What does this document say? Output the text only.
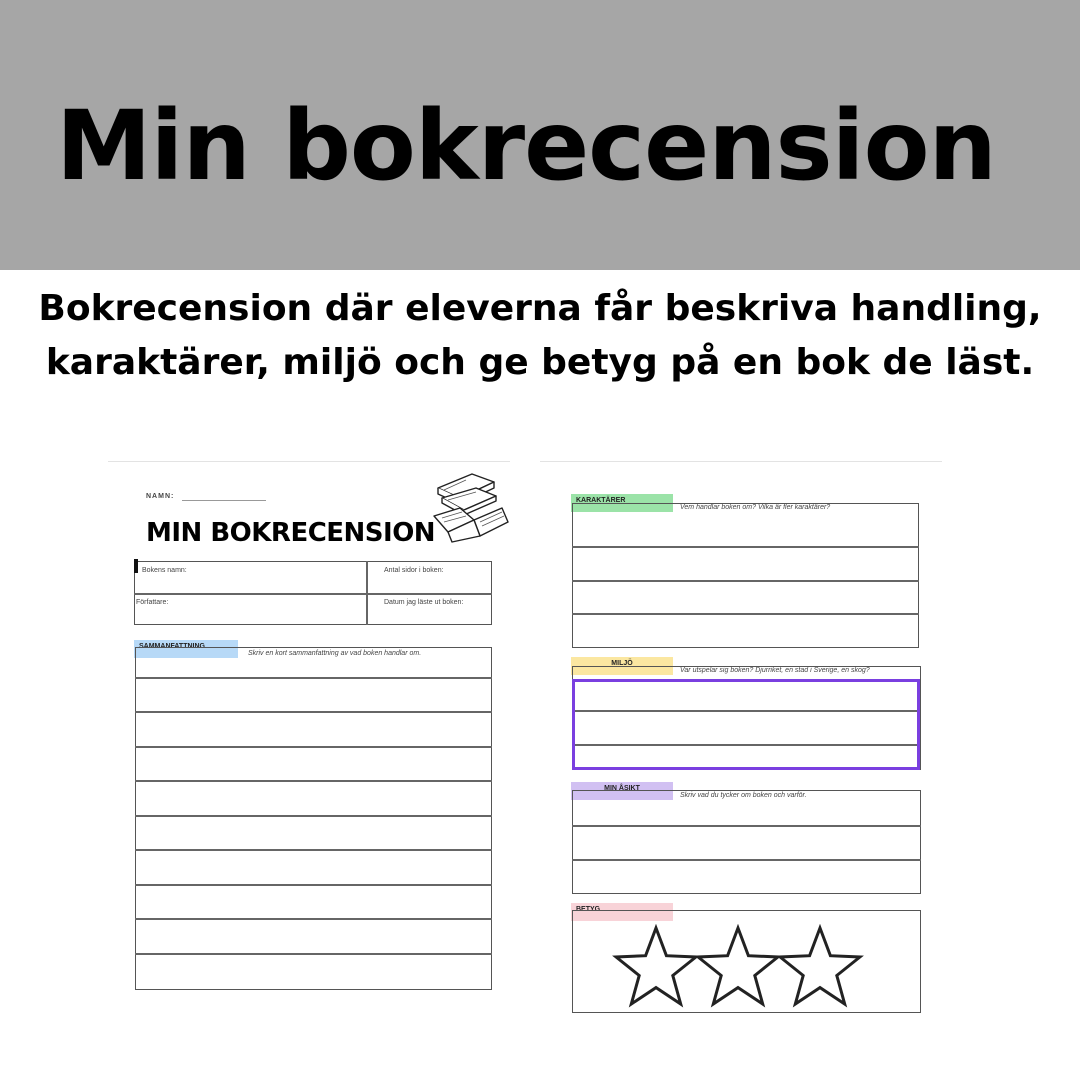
Min bokrecension
Bokrecension där eleverna får beskriva handling,
karaktärer, miljö och ge betyg på en bok de läst.
NAMN:
MIN BOKRECENSION
Bokens namn:	Antal sidor i boken:
Författare:	Datum jag läste ut boken:
SAMMANFATTNING
Skriv en kort sammanfattning av vad boken handlar om.
KARAKTÄRER
Vem handlar boken om? Vilka är fler karaktärer?
MILJÖ
Var utspelar sig boken? Djurriket, en stad i Sverige, en skog?
MIN ÅSIKT
Skriv vad du tycker om boken och varför.
BETYG
